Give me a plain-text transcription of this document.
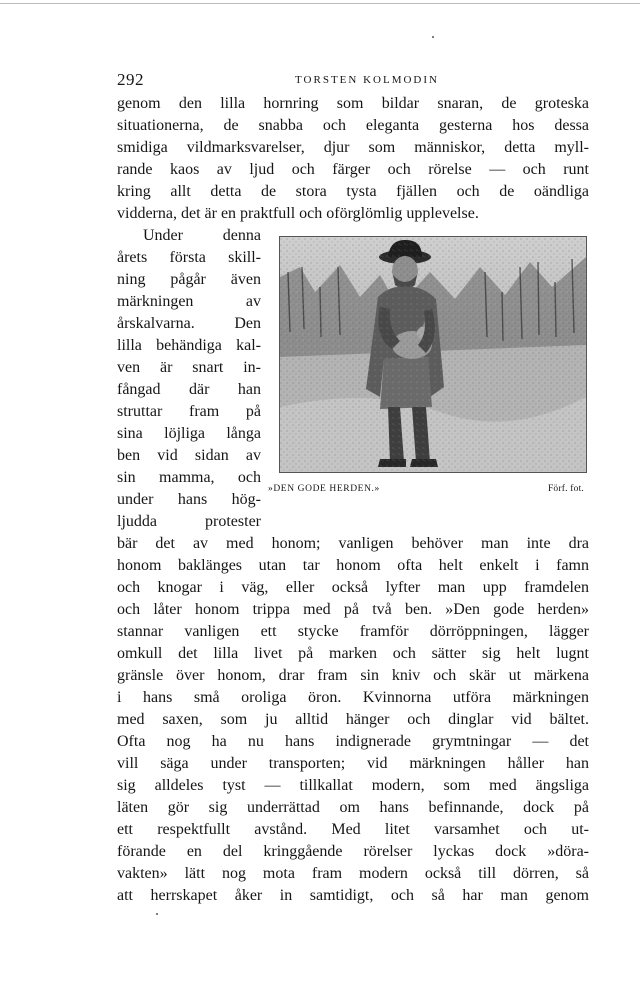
292	TORSTEN KOLMODIN
genom den lilla hornring som bildar snaran, de groteska
situationerna, de snabba och eleganta gesterna hos dessa
smidiga vildmarksvarelser, djur som människor, detta myll-
rande kaos av ljud och färger och rörelse — och runt
kring allt detta de stora tysta fjällen och de oändliga
vidderna, det är en praktfull och oförglömlig upplevelse.
Under denna
årets första skill-
ning pågår även
märkningen av
årskalvarna. Den
lilla behändiga kal-
ven är snart in-
fångad där han
struttar fram på
sina löjliga långa
ben vid sidan av
sin mamma, och
under hans hög-
ljudda protester
»DEN GODE HERDEN.»	Förf. fot.
bär det av med honom; vanligen behöver man inte dra
honom baklänges utan tar honom ofta helt enkelt i famn
och knogar i väg, eller också lyfter man upp framdelen
och låter honom trippa med på två ben. »Den gode herden»
stannar vanligen ett stycke framför dörröppningen, lägger
omkull det lilla livet på marken och sätter sig helt lugnt
gränsle över honom, drar fram sin kniv och skär ut märkena
i hans små oroliga öron. Kvinnorna utföra märkningen
med saxen, som ju alltid hänger och dinglar vid bältet.
Ofta nog ha nu hans indignerade grymtningar — det
vill säga under transporten; vid märkningen håller han
sig alldeles tyst — tillkallat modern, som med ängsliga
läten gör sig underrättad om hans befinnande, dock på
ett respektfullt avstånd. Med litet varsamhet och ut-
förande en del kringgående rörelser lyckas dock »döra-
vakten» lätt nog mota fram modern också till dörren, så
att herrskapet åker in samtidigt, och så har man genom
